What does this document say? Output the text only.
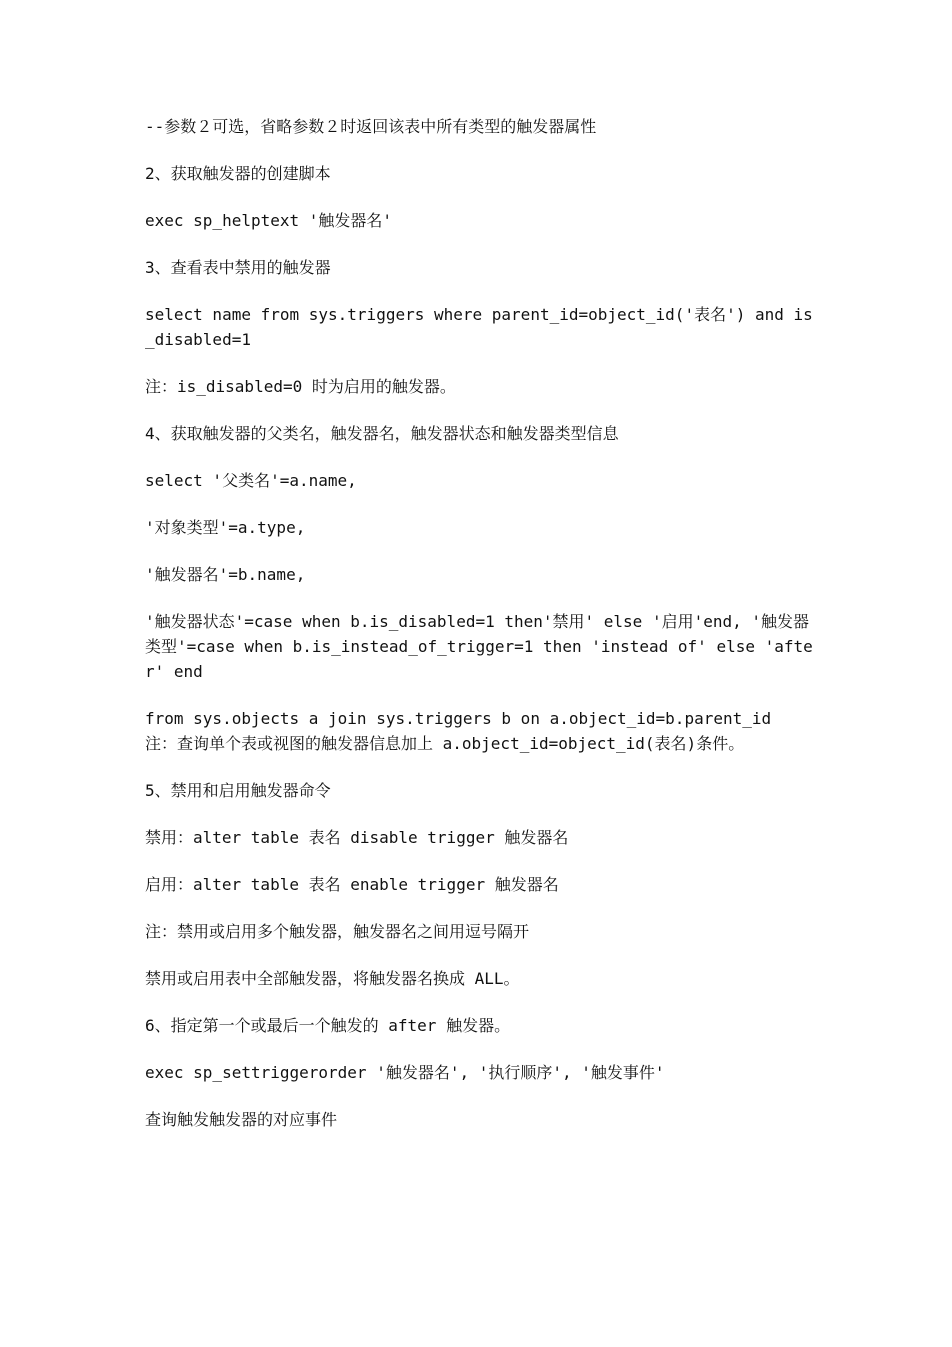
--参数２可选，省略参数２时返回该表中所有类型的触发器属性

2、获取触发器的创建脚本

exec sp_helptext '触发器名'

3、查看表中禁用的触发器

select name from sys.triggers where parent_id=object_id('表名') and is_disabled=1

注：is_disabled=0 时为启用的触发器。

4、获取触发器的父类名，触发器名，触发器状态和触发器类型信息

select '父类名'=a.name,

'对象类型'=a.type,

'触发器名'=b.name,

'触发器状态'=case when b.is_disabled=1 then'禁用' else '启用'end, '触发器类型'=case when b.is_instead_of_trigger=1 then 'instead of' else 'after' end

from sys.objects a join sys.triggers b on a.object_id=b.parent_id

注：查询单个表或视图的触发器信息加上 a.object_id=object_id(表名)条件。

5、禁用和启用触发器命令

禁用：alter table 表名 disable trigger 触发器名

启用：alter table 表名 enable trigger 触发器名

注：禁用或启用多个触发器，触发器名之间用逗号隔开

禁用或启用表中全部触发器，将触发器名换成 ALL。

6、指定第一个或最后一个触发的 after 触发器。

exec sp_settriggerorder '触发器名', '执行顺序', '触发事件'

查询触发触发器的对应事件
